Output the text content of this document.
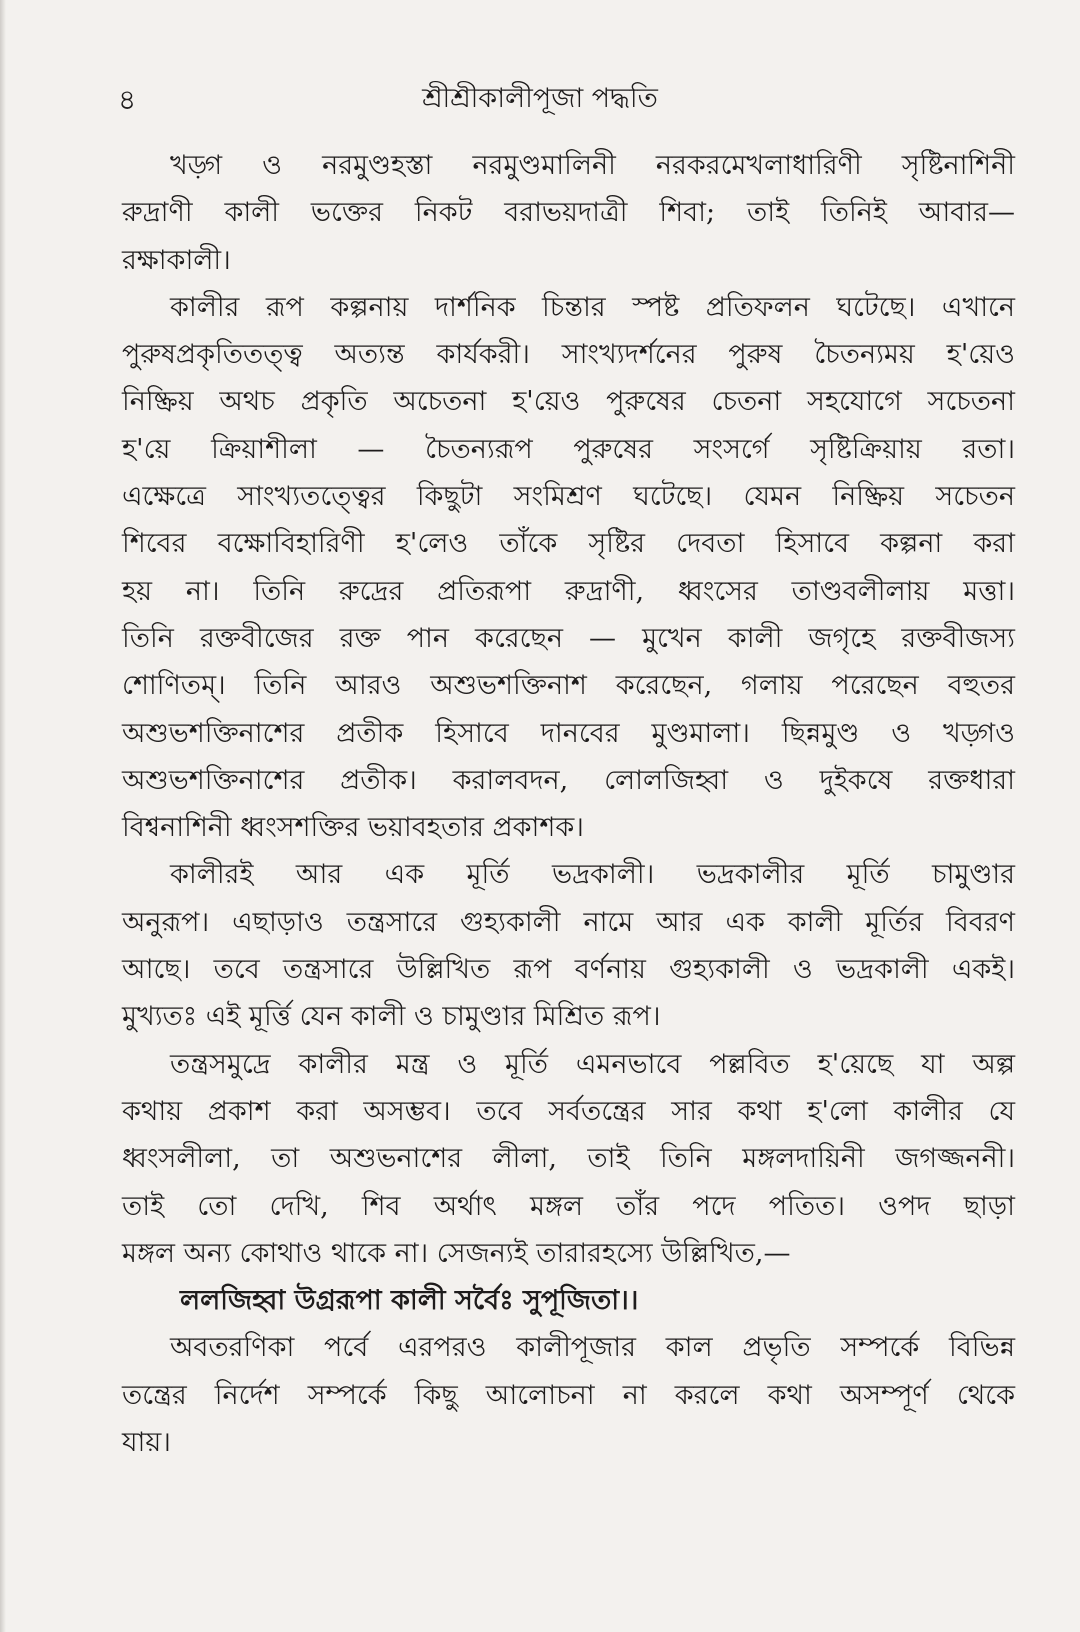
৪	শ্রীশ্রীকালীপূজা পদ্ধতি
খড়্গ ও নরমুণ্ডহস্তা নরমুণ্ডমালিনী নরকরমেখলাধারিণী সৃষ্টিনাশিনী
রুদ্রাণী কালী ভক্তের নিকট বরাভয়দাত্রী শিবা; তাই তিনিই আবার—
রক্ষাকালী।
কালীর রূপ কল্পনায় দার্শনিক চিন্তার স্পষ্ট প্রতিফলন ঘটেছে। এখানে
পুরুষপ্রকৃতিতত্ত্ব অত্যন্ত কার্যকরী। সাংখ্যদর্শনের পুরুষ চৈতন্যময় হ'য়েও
নিষ্ক্রিয় অথচ প্রকৃতি অচেতনা হ'য়েও পুরুষের চেতনা সহযোগে সচেতনা
হ'য়ে ক্রিয়াশীলা — চৈতন্যরূপ পুরুষের সংসর্গে সৃষ্টিক্রিয়ায় রতা।
এক্ষেত্রে সাংখ্যতত্ত্বের কিছুটা সংমিশ্রণ ঘটেছে। যেমন নিষ্ক্রিয় সচেতন
শিবের বক্ষোবিহারিণী হ'লেও তাঁকে সৃষ্টির দেবতা হিসাবে কল্পনা করা
হয় না। তিনি রুদ্রের প্রতিরূপা রুদ্রাণী, ধ্বংসের তাণ্ডবলীলায় মত্তা।
তিনি রক্তবীজের রক্ত পান করেছেন — মুখেন কালী জগৃহে রক্তবীজস্য
শোণিতম্। তিনি আরও অশুভশক্তিনাশ করেছেন, গলায় পরেছেন বহুতর
অশুভশক্তিনাশের প্রতীক হিসাবে দানবের মুণ্ডমালা। ছিন্নমুণ্ড ও খড়্গও
অশুভশক্তিনাশের প্রতীক। করালবদন, লোলজিহ্বা ও দুইকষে রক্তধারা
বিশ্বনাশিনী ধ্বংসশক্তির ভয়াবহতার প্রকাশক।
কালীরই আর এক মূর্তি ভদ্রকালী। ভদ্রকালীর মূর্তি চামুণ্ডার
অনুরূপ। এছাড়াও তন্ত্রসারে গুহ্যকালী নামে আর এক কালী মূর্তির বিবরণ
আছে। তবে তন্ত্রসারে উল্লিখিত রূপ বর্ণনায় গুহ্যকালী ও ভদ্রকালী একই।
মুখ্যতঃ এই মূর্ত্তি যেন কালী ও চামুণ্ডার মিশ্রিত রূপ।
তন্ত্রসমুদ্রে কালীর মন্ত্র ও মূর্তি এমনভাবে পল্লবিত হ'য়েছে যা অল্প
কথায় প্রকাশ করা অসম্ভব। তবে সর্বতন্ত্রের সার কথা হ'লো কালীর যে
ধ্বংসলীলা, তা অশুভনাশের লীলা, তাই তিনি মঙ্গলদায়িনী জগজ্জননী।
তাই তো দেখি, শিব অর্থাৎ মঙ্গল তাঁর পদে পতিত। ওপদ ছাড়া
মঙ্গল অন্য কোথাও থাকে না। সেজন্যই তারারহস্যে উল্লিখিত,—
ললজিহ্বা উগ্ররূপা কালী সর্বৈঃ সুপূজিতা।।
অবতরণিকা পর্বে এরপরও কালীপূজার কাল প্রভৃতি সম্পর্কে বিভিন্ন
তন্ত্রের নির্দেশ সম্পর্কে কিছু আলোচনা না করলে কথা অসম্পূর্ণ থেকে
যায়।
